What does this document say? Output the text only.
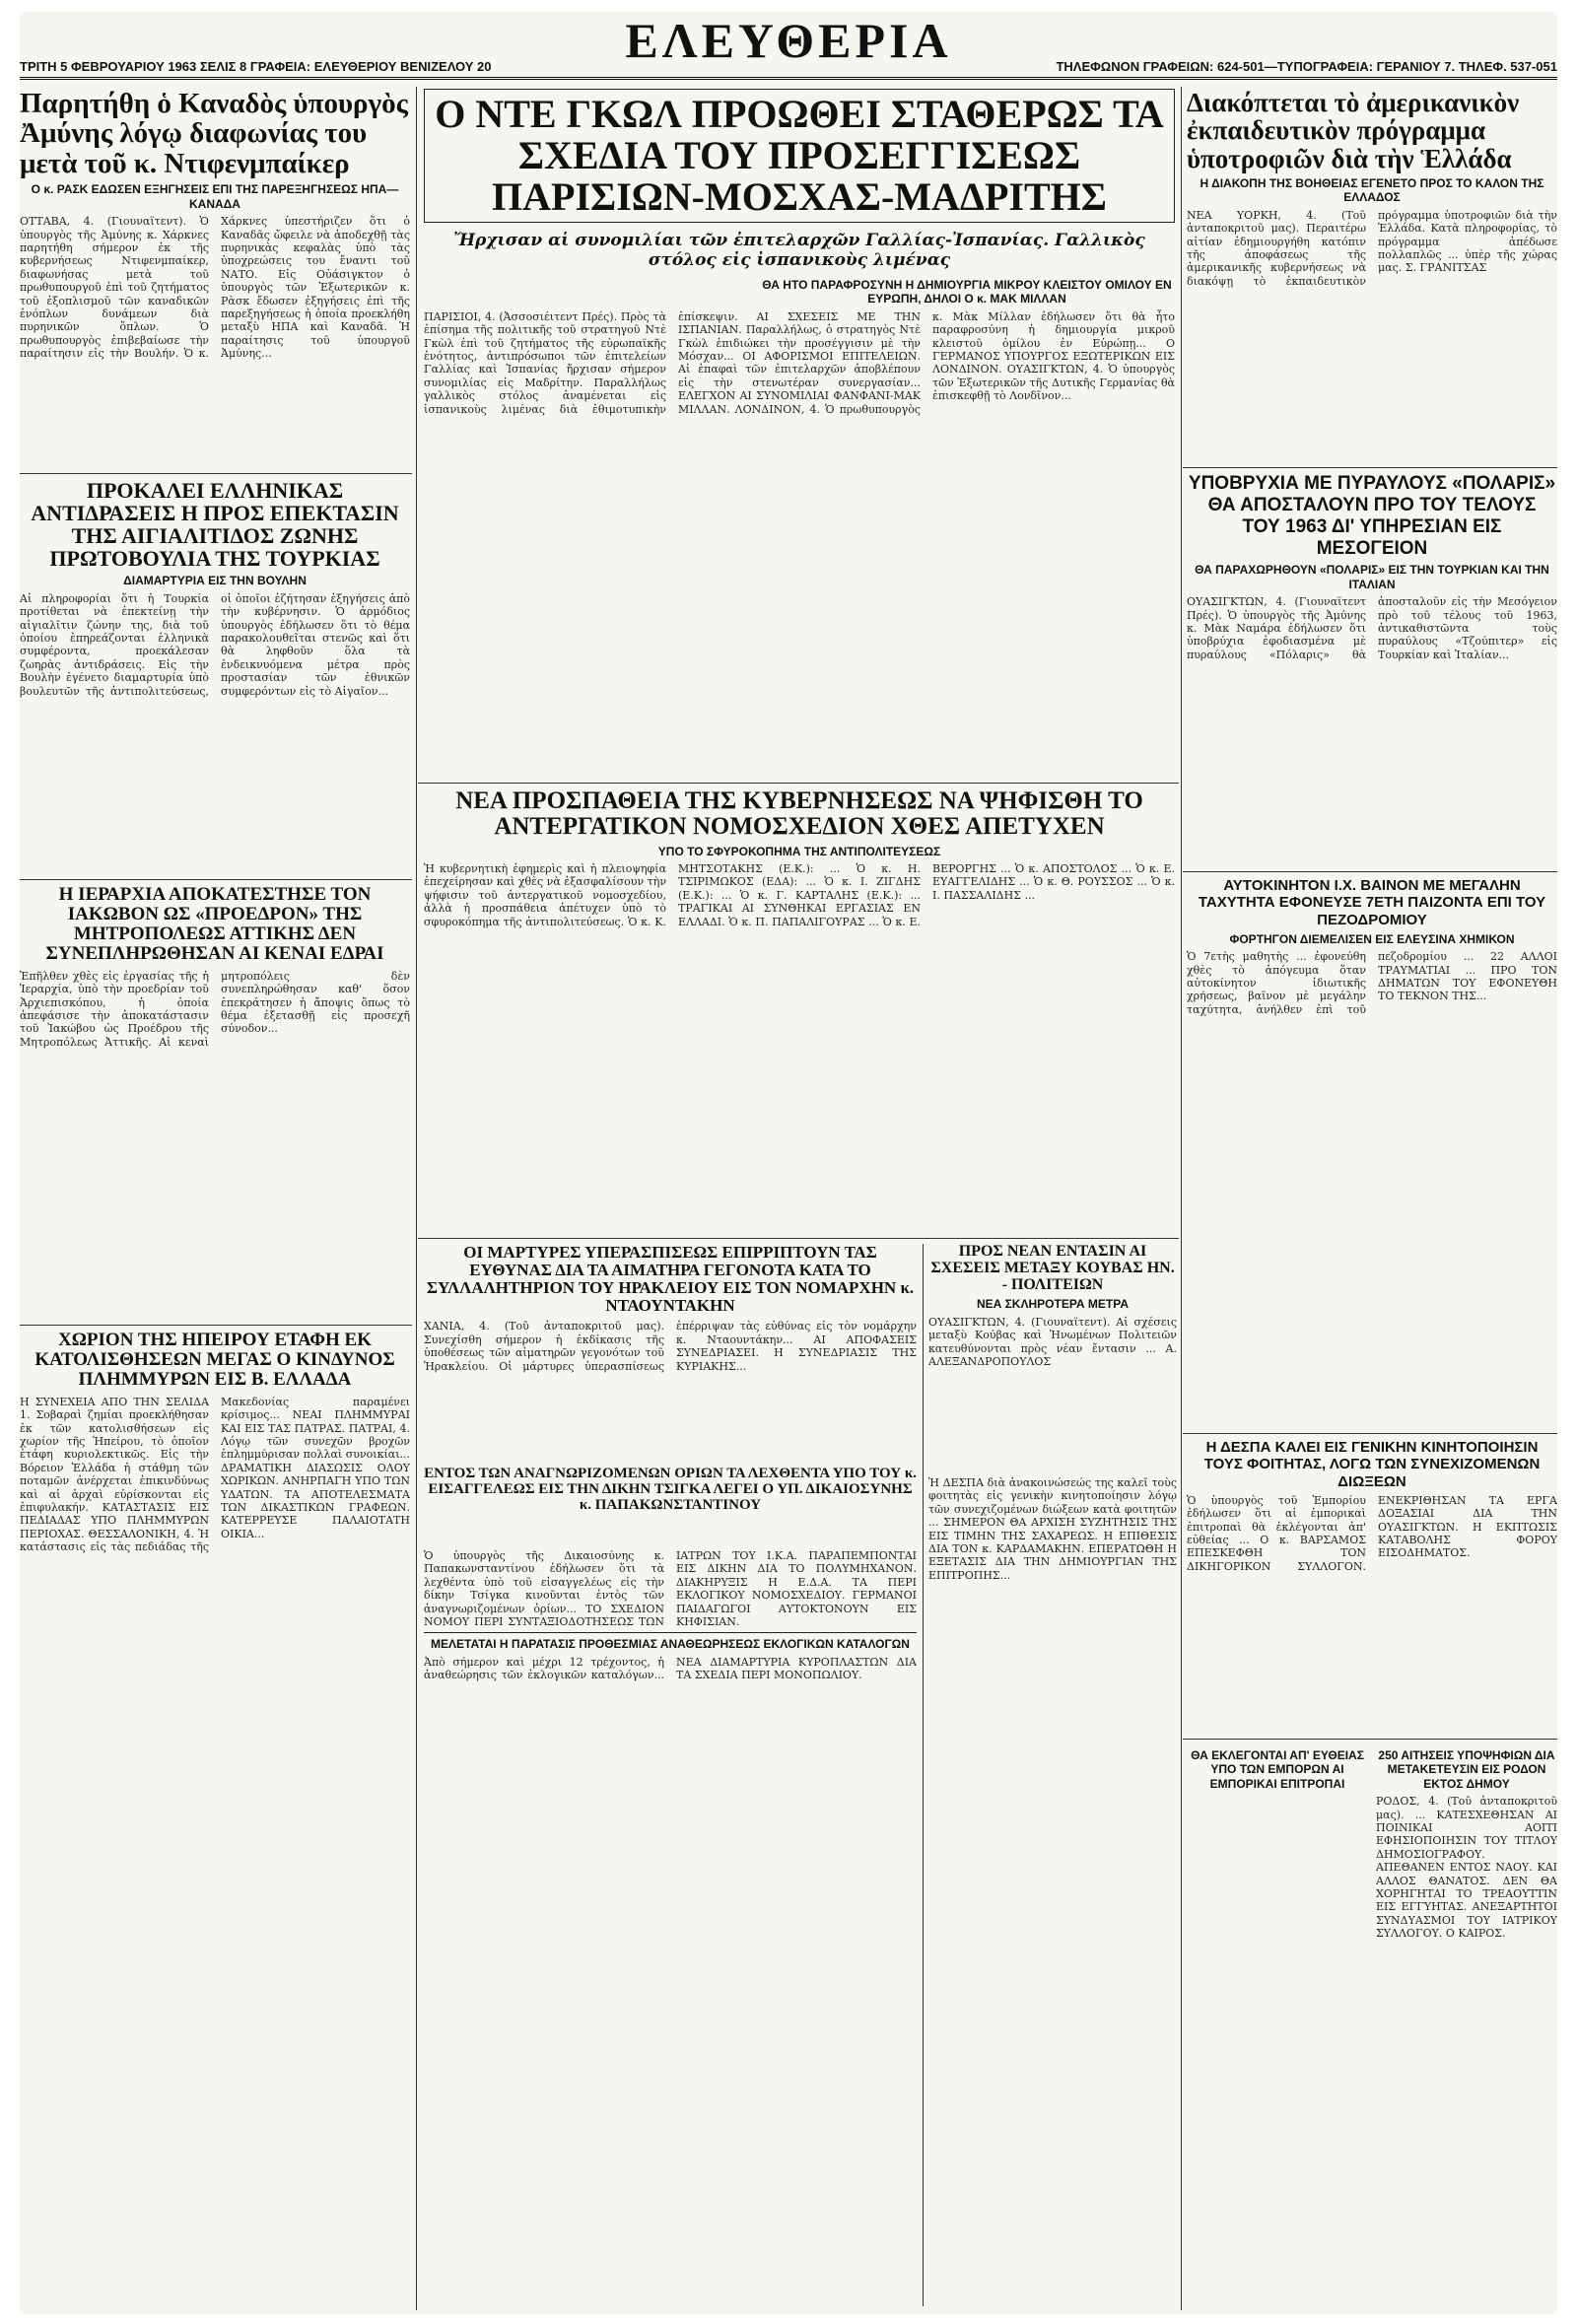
ΤΡΙΤΗ 5 ΦΕΒΡΟΥΑΡΙΟΥ 1963 ΣΕΛΙΣ 8 ΓΡΑΦΕΙΑ: ΕΛΕΥΘΕΡΙΟΥ ΒΕΝΙΖΕΛΟΥ 20	ΕΛΕΥΘΕΡΙΑ	ΤΗΛΕΦΩΝΟΝ ΓΡΑΦΕΙΩΝ: 624-501—ΤΥΠΟΓΡΑΦΕΙΑ: ΓΕΡΑΝΙΟΥ 7. ΤΗΛΕΦ. 537-051
Παρητήθη ὁ Καναδὸς ὑπουργὸς Ἀμύνης λόγῳ διαφωνίας του μετὰ τοῦ κ. Ντιφενμπαίκερ
Ο κ. ΡΑΣΚ ΕΔΩΣΕΝ ΕΞΗΓΗΣΕΙΣ ΕΠΙ ΤΗΣ ΠΑΡΕΞΗΓΗΣΕΩΣ ΗΠΑ—ΚΑΝΑΔΑ
ΟΤΤΑΒΑ, 4. (Γιουναϊτεντ). Ὁ ὑπουργὸς τῆς Ἀμύνης κ. Χάρκνες παρητήθη σήμερον ἐκ τῆς κυβερνήσεως Ντιφενμπαίκερ, διαφωνήσας μετὰ τοῦ πρωθυπουργοῦ ἐπὶ τοῦ ζητήματος τοῦ ἐξοπλισμοῦ τῶν καναδικῶν ἐνόπλων δυνάμεων διὰ πυρηνικῶν ὅπλων. Ὁ πρωθυπουργὸς ἐπιβεβαίωσε τὴν παραίτησιν εἰς τὴν Βουλήν. Ὁ κ. Χάρκνες ὑπεστήριζεν ὅτι ὁ Καναδᾶς ὤφειλε νὰ ἀποδεχθῇ τὰς πυρηνικὰς κεφαλὰς ὑπὸ τὰς ὑποχρεώσεις του ἔναντι τοῦ ΝΑΤΟ. Εἰς Οὐάσιγκτον ὁ ὑπουργὸς τῶν Ἐξωτερικῶν κ. Ρὰσκ ἔδωσεν ἐξηγήσεις ἐπὶ τῆς παρεξηγήσεως ἡ ὁποία προεκλήθη μεταξὺ ΗΠΑ καὶ Καναδᾶ. Ἡ παραίτησις τοῦ ὑπουργοῦ Ἀμύνης...
ΠΡΟΚΑΛΕΙ ΕΛΛΗΝΙΚΑΣ ΑΝΤΙΔΡΑΣΕΙΣ Η ΠΡΟΣ ΕΠΕΚΤΑΣΙΝ ΤΗΣ ΑΙΓΙΑΛΙΤΙΔΟΣ ΖΩΝΗΣ ΠΡΩΤΟΒΟΥΛΙΑ ΤΗΣ ΤΟΥΡΚΙΑΣ
ΔΙΑΜΑΡΤΥΡΙΑ ΕΙΣ ΤΗΝ ΒΟΥΛΗΝ
Αἱ πληροφορίαι ὅτι ἡ Τουρκία προτίθεται νὰ ἐπεκτείνῃ τὴν αἰγιαλῖτιν ζώνην της, διὰ τοῦ ὁποίου ἐπηρεάζονται ἑλληνικὰ συμφέροντα, προεκάλεσαν ζωηρὰς ἀντιδράσεις. Εἰς τὴν Βουλὴν ἐγένετο διαμαρτυρία ὑπὸ βουλευτῶν τῆς ἀντιπολιτεύσεως, οἱ ὁποῖοι ἐζήτησαν ἐξηγήσεις ἀπὸ τὴν κυβέρνησιν. Ὁ ἁρμόδιος ὑπουργὸς ἐδήλωσεν ὅτι τὸ θέμα παρακολουθεῖται στενῶς καὶ ὅτι θὰ ληφθοῦν ὅλα τὰ ἐνδεικνυόμενα μέτρα πρὸς προστασίαν τῶν ἐθνικῶν συμφερόντων εἰς τὸ Αἰγαῖον...
Η ΙΕΡΑΡΧΙΑ ΑΠΟΚΑΤΕΣΤΗΣΕ ΤΟΝ ΙΑΚΩΒΟΝ ΩΣ «ΠΡΟΕΔΡΟΝ» ΤΗΣ ΜΗΤΡΟΠΟΛΕΩΣ ΑΤΤΙΚΗΣ ΔΕΝ ΣΥΝΕΠΛΗΡΩΘΗΣΑΝ ΑΙ ΚΕΝΑΙ ΕΔΡΑΙ
Ἐπῆλθεν χθὲς εἰς ἐργασίας τῆς ἡ Ἱεραρχία, ὑπὸ τὴν προεδρίαν τοῦ Ἀρχιεπισκόπου, ἡ ὁποία ἀπεφάσισε τὴν ἀποκατάστασιν τοῦ Ἰακώβου ὡς Προέδρου τῆς Μητροπόλεως Ἀττικῆς. Αἱ κεναὶ μητροπόλεις δὲν συνεπληρώθησαν καθ' ὅσον ἐπεκράτησεν ἡ ἄποψις ὅπως τὸ θέμα ἐξετασθῇ εἰς προσεχῆ σύνοδον...
ΧΩΡΙΟΝ ΤΗΣ ΗΠΕΙΡΟΥ ΕΤΑΦΗ ΕΚ ΚΑΤΟΛΙΣΘΗΣΕΩΝ ΜΕΓΑΣ Ο ΚΙΝΔΥΝΟΣ ΠΛΗΜΜΥΡΩΝ ΕΙΣ Β. ΕΛΛΑΔΑ
Η ΣΥΝΕΧΕΙΑ ΑΠΟ ΤΗΝ ΣΕΛΙΔΑ 1. Σοβαραὶ ζημίαι προεκλήθησαν ἐκ τῶν κατολισθήσεων εἰς χωρίον τῆς Ἠπείρου, τὸ ὁποῖον ἐτάφη κυριολεκτικῶς. Εἰς τὴν Βόρειον Ἑλλάδα ἡ στάθμη τῶν ποταμῶν ἀνέρχεται ἐπικινδύνως καὶ αἱ ἀρχαὶ εὑρίσκονται εἰς ἐπιφυλακήν. ΚΑΤΑΣΤΑΣΙΣ ΕΙΣ ΠΕΔΙΑΔΑΣ ΥΠΟ ΠΛΗΜΜΥΡΩΝ ΠΕΡΙΟΧΑΣ. ΘΕΣΣΑΛΟΝΙΚΗ, 4. Ἡ κατάστασις εἰς τὰς πεδιάδας τῆς Μακεδονίας παραμένει κρίσιμος... ΝΕΑΙ ΠΛΗΜΜΥΡΑΙ ΚΑΙ ΕΙΣ ΤΑΣ ΠΑΤΡΑΣ. ΠΑΤΡΑΙ, 4. Λόγῳ τῶν συνεχῶν βροχῶν ἐπλημμύρισαν πολλαὶ συνοικίαι... ΔΡΑΜΑΤΙΚΗ ΔΙΑΣΩΣΙΣ ΟΛΟΥ ΧΩΡΙΚΩΝ. ΑΝΗΡΠΑΓΗ ΥΠΟ ΤΩΝ ΥΔΑΤΩΝ. ΤΑ ΑΠΟΤΕΛΕΣΜΑΤΑ ΤΩΝ ΔΙΚΑΣΤΙΚΩΝ ΓΡΑΦΕΩΝ. ΚΑΤΕΡΡΕΥΣΕ ΠΑΛΑΙΟΤΑΤΗ ΟΙΚΙΑ...
Ο ΝΤΕ ΓΚΩΛ ΠΡΟΩΘΕΙ ΣΤΑΘΕΡΩΣ ΤΑ ΣΧΕΔΙΑ ΤΟΥ ΠΡΟΣΕΓΓΙΣΕΩΣ ΠΑΡΙΣΙΩΝ-ΜΟΣΧΑΣ-ΜΑΔΡΙΤΗΣ
Ἤρχισαν αἱ συνομιλίαι τῶν ἐπιτελαρχῶν Γαλλίας-Ἰσπανίας. Γαλλικὸς στόλος εἰς ἰσπανικοὺς λιμένας
ΘΑ ΗΤΟ ΠΑΡΑΦΡΟΣΥΝΗ Η ΔΗΜΙΟΥΡΓΙΑ ΜΙΚΡΟΥ ΚΛΕΙΣΤΟΥ ΟΜΙΛΟΥ ΕΝ ΕΥΡΩΠΗ, ΔΗΛΟΙ Ο κ. ΜΑΚ ΜΙΛΛΑΝ
ΠΑΡΙΣΙΟΙ, 4. (Ἀσσοσιέιτεντ Πρές). Πρὸς τὰ ἐπίσημα τῆς πολιτικῆς τοῦ στρατηγοῦ Ντὲ Γκὼλ ἐπὶ τοῦ ζητήματος τῆς εὐρωπαϊκῆς ἑνότητος, ἀντιπρόσωποι τῶν ἐπιτελείων Γαλλίας καὶ Ἰσπανίας ἤρχισαν σήμερον συνομιλίας εἰς Μαδρίτην. Παραλλήλως γαλλικὸς στόλος ἀναμένεται εἰς ἰσπανικοὺς λιμένας διὰ ἐθιμοτυπικὴν ἐπίσκεψιν. ΑΙ ΣΧΕΣΕΙΣ ΜΕ ΤΗΝ ΙΣΠΑΝΙΑΝ. Παραλλήλως, ὁ στρατηγὸς Ντὲ Γκὼλ ἐπιδιώκει τὴν προσέγγισιν μὲ τὴν Μόσχαν... ΟΙ ΑΦΟΡΙΣΜΟΙ ΕΠΙΤΕΛΕΙΩΝ. Αἱ ἐπαφαὶ τῶν ἐπιτελαρχῶν ἀποβλέπουν εἰς τὴν στενωτέραν συνεργασίαν... ΕΛΕΓΧΟΝ ΑΙ ΣΥΝΟΜΙΛΙΑΙ ΦΑΝΦΑΝΙ-ΜΑΚ ΜΙΛΛΑΝ. ΛΟΝΔΙΝΟΝ, 4. Ὁ πρωθυπουργὸς κ. Μὰκ Μίλλαν ἐδήλωσεν ὅτι θὰ ἦτο παραφροσύνη ἡ δημιουργία μικροῦ κλειστοῦ ὁμίλου ἐν Εὐρώπῃ... Ο ΓΕΡΜΑΝΟΣ ΥΠΟΥΡΓΟΣ ΕΞΩΤΕΡΙΚΩΝ ΕΙΣ ΛΟΝΔΙΝΟΝ. ΟΥΑΣΙΓΚΤΩΝ, 4. Ὁ ὑπουργὸς τῶν Ἐξωτερικῶν τῆς Δυτικῆς Γερμανίας θὰ ἐπισκεφθῇ τὸ Λονδῖνον...
ΝΕΑ ΠΡΟΣΠΑΘΕΙΑ ΤΗΣ ΚΥΒΕΡΝΗΣΕΩΣ ΝΑ ΨΗΦΙΣΘΗ ΤΟ ΑΝΤΕΡΓΑΤΙΚΟΝ ΝΟΜΟΣΧΕΔΙΟΝ ΧΘΕΣ ΑΠΕΤΥΧΕΝ
ΥΠΟ ΤΟ ΣΦΥΡΟΚΟΠΗΜΑ ΤΗΣ ΑΝΤΙΠΟΛΙΤΕΥΣΕΩΣ
Ἡ κυβερνητικὴ ἐφημερὶς καὶ ἡ πλειοψηφία ἐπεχείρησαν καὶ χθὲς νὰ ἐξασφαλίσουν τὴν ψήφισιν τοῦ ἀντεργατικοῦ νομοσχεδίου, ἀλλὰ ἡ προσπάθεια ἀπέτυχεν ὑπὸ τὸ σφυροκόπημα τῆς ἀντιπολιτεύσεως. Ὁ κ. Κ. ΜΗΤΣΟΤΑΚΗΣ (Ε.Κ.): ... Ὁ κ. Η. ΤΣΙΡΙΜΩΚΟΣ (ΕΔΑ): ... Ὁ κ. Ι. ΖΙΓΔΗΣ (Ε.Κ.): ... Ὁ κ. Γ. ΚΑΡΤΑΛΗΣ (Ε.Κ.): ... ΤΡΑΓΙΚΑΙ ΑΙ ΣΥΝΘΗΚΑΙ ΕΡΓΑΣΙΑΣ ΕΝ ΕΛΛΑΔΙ. Ὁ κ. Π. ΠΑΠΑΛΙΓΟΥΡΑΣ ... Ὁ κ. Ε. ΒΕΡΟΡΓΗΣ ... Ὁ κ. ΑΠΟΣΤΟΛΟΣ ... Ὁ κ. Ε. ΕΥΑΓΓΕΛΙΔΗΣ ... Ὁ κ. Θ. ΡΟΥΣΣΟΣ ... Ὁ κ. Ι. ΠΑΣΣΑΛΙΔΗΣ ...
ΟΙ ΜΑΡΤΥΡΕΣ ΥΠΕΡΑΣΠΙΣΕΩΣ ΕΠΙΡΡΙΠΤΟΥΝ ΤΑΣ ΕΥΘΥΝΑΣ ΔΙΑ ΤΑ ΑΙΜΑΤΗΡΑ ΓΕΓΟΝΟΤΑ ΚΑΤΑ ΤΟ ΣΥΛΛΑΛΗΤΗΡΙΟΝ ΤΟΥ ΗΡΑΚΛΕΙΟΥ ΕΙΣ ΤΟΝ ΝΟΜΑΡΧΗΝ κ. ΝΤΑΟΥΝΤΑΚΗΝ
ΧΑΝΙΑ, 4. (Τοῦ ἀνταποκριτοῦ μας). Συνεχίσθη σήμερον ἡ ἐκδίκασις τῆς ὑποθέσεως τῶν αἱματηρῶν γεγονότων τοῦ Ἡρακλείου. Οἱ μάρτυρες ὑπερασπίσεως ἐπέρριψαν τὰς εὐθύνας εἰς τὸν νομάρχην κ. Νταουντάκην... ΑΙ ΑΠΟΦΑΣΕΙΣ ΣΥΝΕΔΡΙΑΣΕΙ. Η ΣΥΝΕΔΡΙΑΣΙΣ ΤΗΣ ΚΥΡΙΑΚΗΣ...
ΕΝΤΟΣ ΤΩΝ ΑΝΑΓΝΩΡΙΖΟΜΕΝΩΝ ΟΡΙΩΝ ΤΑ ΛΕΧΘΕΝΤΑ ΥΠΟ ΤΟΥ κ. ΕΙΣΑΓΓΕΛΕΩΣ ΕΙΣ ΤΗΝ ΔΙΚΗΝ ΤΣΙΓΚΑ ΛΕΓΕΙ Ο ΥΠ. ΔΙΚΑΙΟΣΥΝΗΣ κ. ΠΑΠΑΚΩΝΣΤΑΝΤΙΝΟΥ
Ὁ ὑπουργὸς τῆς Δικαιοσύνης κ. Παπακωνσταντίνου ἐδήλωσεν ὅτι τὰ λεχθέντα ὑπὸ τοῦ εἰσαγγελέως εἰς τὴν δίκην Τσίγκα κινοῦνται ἐντὸς τῶν ἀναγνωριζομένων ὁρίων... ΤΟ ΣΧΕΔΙΟΝ ΝΟΜΟΥ ΠΕΡΙ ΣΥΝΤΑΞΙΟΔΟΤΗΣΕΩΣ ΤΩΝ ΙΑΤΡΩΝ ΤΟΥ Ι.Κ.Α. ΠΑΡΑΠΕΜΠΟΝΤΑΙ ΕΙΣ ΔΙΚΗΝ ΔΙΑ ΤΟ ΠΟΛΥΜΗΧΑΝΟΝ. ΔΙΑΚΗΡΥΞΙΣ Η Ε.Δ.Α. ΤΑ ΠΕΡΙ ΕΚΛΟΓΙΚΟΥ ΝΟΜΟΣΧΕΔΙΟΥ. ΓΕΡΜΑΝΟΙ ΠΑΙΔΑΓΩΓΟΙ ΑΥΤΟΚΤΟΝΟΥΝ ΕΙΣ ΚΗΦΙΣΙΑΝ.
ΜΕΛΕΤΑΤΑΙ Η ΠΑΡΑΤΑΣΙΣ ΠΡΟΘΕΣΜΙΑΣ ΑΝΑΘΕΩΡΗΣΕΩΣ ΕΚΛΟΓΙΚΩΝ ΚΑΤΑΛΟΓΩΝ
Ἀπὸ σήμερον καὶ μέχρι 12 τρέχοντος, ἡ ἀναθεώρησις τῶν ἐκλογικῶν καταλόγων... ΝΕΑ ΔΙΑΜΑΡΤΥΡΙΑ ΚΥΡΟΠΛΑΣΤΩΝ ΔΙΑ ΤΑ ΣΧΕΔΙΑ ΠΕΡΙ ΜΟΝΟΠΩΛΙΟΥ.
ΠΡΟΣ ΝΕΑΝ ΕΝΤΑΣΙΝ ΑΙ ΣΧΕΣΕΙΣ ΜΕΤΑΞΥ ΚΟΥΒΑΣ ΗΝ. - ΠΟΛΙΤΕΙΩΝ
ΝΕΑ ΣΚΛΗΡΟΤΕΡΑ ΜΕΤΡΑ
ΟΥΑΣΙΓΚΤΩΝ, 4. (Γιουναϊτεντ). Αἱ σχέσεις μεταξὺ Κούβας καὶ Ἡνωμένων Πολιτειῶν κατευθύνονται πρὸς νέαν ἔντασιν ... Α. ΑΛΕΞΑΝΔΡΟΠΟΥΛΟΣ
Ἡ ΔΕΣΠΑ διὰ ἀνακοινώσεώς της καλεῖ τοὺς φοιτητὰς εἰς γενικὴν κινητοποίησιν λόγῳ τῶν συνεχιζομένων διώξεων κατὰ φοιτητῶν ... ΣΗΜΕΡΟΝ ΘΑ ΑΡΧΙΣΗ ΣΥΖΗΤΗΣΙΣ ΤΗΣ ΕΙΣ ΤΙΜΗΝ ΤΗΣ ΣΑΧΑΡΕΩΣ. Η ΕΠΙΘΕΣΙΣ ΔΙΑ ΤΟΝ κ. ΚΑΡΔΑΜΑΚΗΝ. ΕΠΕΡΑΤΩΘΗ Η ΕΞΕΤΑΣΙΣ ΔΙΑ ΤΗΝ ΔΗΜΙΟΥΡΓΙΑΝ ΤΗΣ ΕΠΙΤΡΟΠΗΣ...
Διακόπτεται τὸ ἀμερικανικὸν ἐκπαιδευτικὸν πρόγραμμα ὑποτροφιῶν διὰ τὴν Ἑλλάδα
Η ΔΙΑΚΟΠΗ ΤΗΣ ΒΟΗΘΕΙΑΣ ΕΓΕΝΕΤΟ ΠΡΟΣ ΤΟ ΚΑΛΟΝ ΤΗΣ ΕΛΛΑΔΟΣ
ΝΕΑ ΥΟΡΚΗ, 4. (Τοῦ ἀνταποκριτοῦ μας). Περαιτέρω αἰτίαν ἐδημιουργήθη κατόπιν τῆς ἀποφάσεως τῆς ἀμερικανικῆς κυβερνήσεως νὰ διακόψῃ τὸ ἐκπαιδευτικὸν πρόγραμμα ὑποτροφιῶν διὰ τὴν Ἑλλάδα. Κατὰ πληροφορίας, τὸ πρόγραμμα ἀπέδωσε πολλαπλῶς ... ὑπὲρ τῆς χώρας μας. Σ. ΓΡΑΝΙΤΣΑΣ
ΥΠΟΒΡΥΧΙΑ ΜΕ ΠΥΡΑΥΛΟΥΣ «ΠΟΛΑΡΙΣ» ΘΑ ΑΠΟΣΤΑΛΟΥΝ ΠΡΟ ΤΟΥ ΤΕΛΟΥΣ ΤΟΥ 1963 ΔΙ' ΥΠΗΡΕΣΙΑΝ ΕΙΣ ΜΕΣΟΓΕΙΟΝ
ΘΑ ΠΑΡΑΧΩΡΗΘΟΥΝ «ΠΟΛΑΡΙΣ» ΕΙΣ ΤΗΝ ΤΟΥΡΚΙΑΝ ΚΑΙ ΤΗΝ ΙΤΑΛΙΑΝ
ΟΥΑΣΙΓΚΤΩΝ, 4. (Γιουναϊτεντ Πρές). Ὁ ὑπουργὸς τῆς Ἀμύνης κ. Μὰκ Ναμάρα ἐδήλωσεν ὅτι ὑποβρύχια ἐφοδιασμένα μὲ πυραύλους «Πόλαρις» θὰ ἀποσταλοῦν εἰς τὴν Μεσόγειον πρὸ τοῦ τέλους τοῦ 1963, ἀντικαθιστῶντα τοὺς πυραύλους «Τζούπιτερ» εἰς Τουρκίαν καὶ Ἰταλίαν...
ΑΥΤΟΚΙΝΗΤΟΝ Ι.Χ. ΒΑΙΝΟΝ ΜΕ ΜΕΓΑΛΗΝ ΤΑΧΥΤΗΤΑ ΕΦΟΝΕΥΣΕ 7ΕΤΗ ΠΑΙΖΟΝΤΑ ΕΠΙ ΤΟΥ ΠΕΖΟΔΡΟΜΙΟΥ
ΦΟΡΤΗΓΟΝ ΔΙΕΜΕΛΙΣΕΝ ΕΙΣ ΕΛΕΥΣΙΝΑ ΧΗΜΙΚΟΝ
Ὁ 7ετὴς μαθητὴς ... ἐφονεύθη χθὲς τὸ ἀπόγευμα ὅταν αὐτοκίνητον ἰδιωτικῆς χρήσεως, βαῖνον μὲ μεγάλην ταχύτητα, ἀνήλθεν ἐπὶ τοῦ πεζοδρομίου ... 22 ΑΛΛΟΙ ΤΡΑΥΜΑΤΙΑΙ ... ΠΡΟ ΤΟΝ ΔΗΜΑΤΩΝ ΤΟΥ ΕΦΟΝΕΥΘΗ ΤΟ ΤΕΚΝΟΝ ΤΗΣ...
Η ΔΕΣΠΑ ΚΑΛΕΙ ΕΙΣ ΓΕΝΙΚΗΝ ΚΙΝΗΤΟΠΟΙΗΣΙΝ ΤΟΥΣ ΦΟΙΤΗΤΑΣ, ΛΟΓΩ ΤΩΝ ΣΥΝΕΧΙΖΟΜΕΝΩΝ ΔΙΩΞΕΩΝ
Ὁ ὑπουργὸς τοῦ Ἐμπορίου ἐδήλωσεν ὅτι αἱ ἐμπορικαὶ ἐπιτροπαὶ θὰ ἐκλέγονται ἀπ' εὐθείας ... Ο κ. ΒΑΡΣΑΜΟΣ ΕΠΕΣΚΕΦΘΗ ΤΟΝ ΔΙΚΗΓΟΡΙΚΟΝ ΣΥΛΛΟΓΟΝ. ΕΝΕΚΡΙΘΗΣΑΝ ΤΑ ΕΡΓΑ ΔΟΞΑΣΙΑΙ ΔΙΑ ΤΗΝ ΟΥΑΣΙΓΚΤΩΝ. Η ΕΚΠΤΩΣΙΣ ΚΑΤΑΒΟΛΗΣ ΦΟΡΟΥ ΕΙΣΟΔΗΜΑΤΟΣ.
ΘΑ ΕΚΛΕΓΟΝΤΑΙ ΑΠ' ΕΥΘΕΙΑΣ ΥΠΟ ΤΩΝ ΕΜΠΟΡΩΝ ΑΙ ΕΜΠΟΡΙΚΑΙ ΕΠΙΤΡΟΠΑΙ
250 ΑΙΤΗΣΕΙΣ ΥΠΟΨΗΦΙΩΝ ΔΙΑ ΜΕΤΑΚΕΤΕΥΣΙΝ ΕΙΣ ΡΟΔΟΝ ΕΚΤΟΣ ΔΗΜΟΥ
ΡΟΔΟΣ, 4. (Τοῦ ἀνταποκριτοῦ μας). ... ΚΑΤΕΣΧΕΘΗΣΑΝ ΑΙ ΠΟΙΝΙΚΑΙ ΑΟΙΤΙ ΕΦΗΣΙΟΠΟΙΗΣΙΝ ΤΟΥ ΤΙΤΛΟΥ ΔΗΜΟΣΙΟΓΡΑΦΟΥ. ΑΠΕΘΑΝΕΝ ΕΝΤΟΣ ΝΑΟΥ. ΚΑΙ ΑΛΛΟΣ ΘΑΝΑΤΟΣ. ΔΕΝ ΘΑ ΧΟΡΗΓΗΤΑΙ ΤΟ ΤΡΕΑΟΥΤΤΙΝ ΕΙΣ ΕΓΓΥΗΤΑΣ. ΑΝΕΞΑΡΤΗΤΟΙ ΣΥΝΔΥΑΣΜΟΙ ΤΟΥ ΙΑΤΡΙΚΟΥ ΣΥΛΛΟΓΟΥ. Ο ΚΑΙΡΟΣ.
